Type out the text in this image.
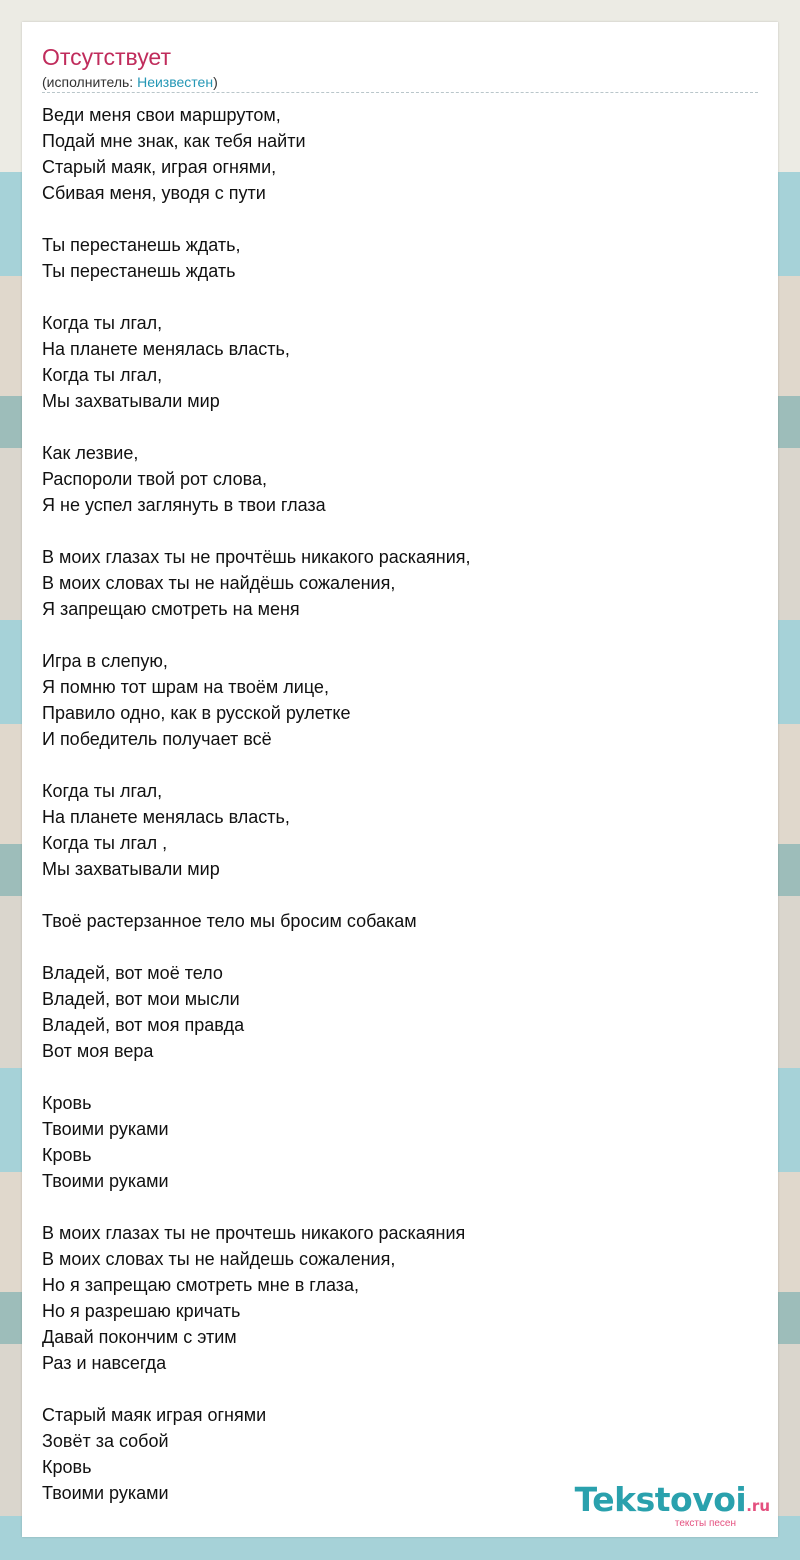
Отсутствует
(исполнитель: Неизвестен)
Веди меня свои маршрутом,
Подай мне знак, как тебя найти
Старый маяк, играя огнями,
Сбивая меня, уводя с пути
Ты перестанешь ждать,
Ты перестанешь ждать
Когда ты лгал,
На планете менялась власть,
Когда ты лгал,
Мы захватывали мир
Как лезвие,
Распороли твой рот слова,
Я не успел заглянуть в твои глаза
В моих глазах ты не прочтёшь никакого раскаяния,
В моих словах ты не найдёшь сожаления,
Я запрещаю смотреть на меня
Игра в слепую,
Я помню тот шрам на твоём лице,
Правило одно, как в русской рулетке
И победитель получает всё
Когда ты лгал,
На планете менялась власть,
Когда ты лгал ,
Мы захватывали мир
Твоё растерзанное тело мы бросим собакам
Владей, вот моё тело
Владей, вот мои мысли
Владей, вот моя правда
Вот моя вера
Кровь
Твоими руками
Кровь
Твоими руками
В моих глазах ты не прочтешь никакого раскаяния
В моих словах ты не найдешь сожаления,
Но я запрещаю смотреть мне в глаза,
Но я разрешаю кричать
Давай покончим с этим
Раз и навсегда
Старый маяк играя огнями
Зовёт за собой
Кровь
Твоими руками	Tekstovoi.ru
тексты песен
